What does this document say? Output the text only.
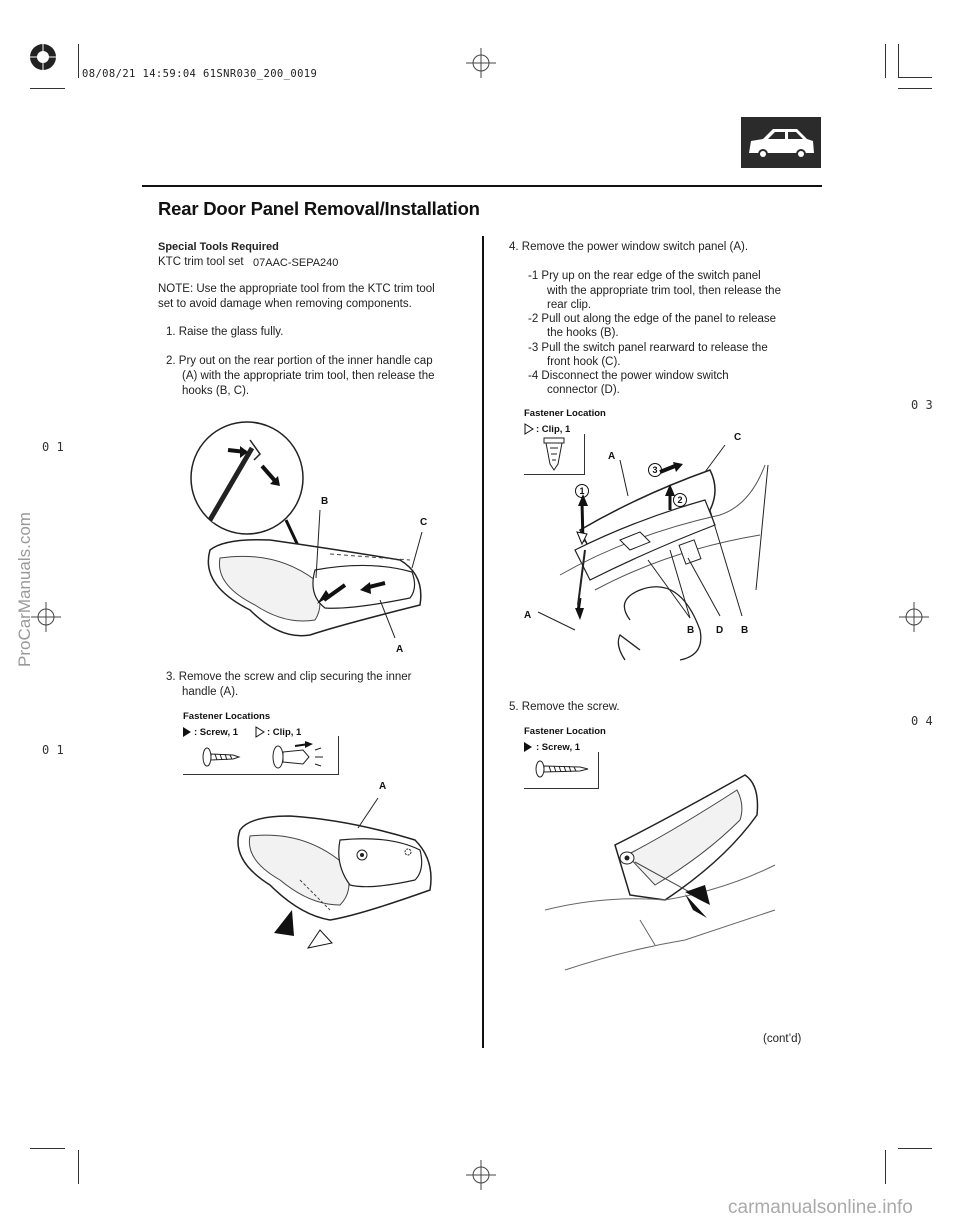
08/08/21 14:59:04 61SNR030_200_0019
ProCarManuals.com
carmanualsonline.info
0 3
0 4
0 1
0 1
Rear Door Panel Removal/Installation
Special Tools Required
KTC trim tool set 07AAC-SEPA240
NOTE: Use the appropriate tool from the KTC trim tool
set to avoid damage when removing components.
1. Raise the glass fully.
2. Pry out on the rear portion of the inner handle cap
(A) with the appropriate trim tool, then release the
hooks (B, C).
B
C
A
3. Remove the screw and clip securing the inner
handle (A).
Fastener Locations
: Screw, 1	: Clip, 1
A
4. Remove the power window switch panel (A).
-1 Pry up on the rear edge of the switch panel
with the appropriate trim tool, then release the
rear clip.
-2 Pull out along the edge of the panel to release
the hooks (B).
-3 Pull the switch panel rearward to release the
front hook (C).
-4 Disconnect the power window switch
connector (D).
Fastener Location
: Clip, 1
C
A
A
B D B
1
2
3
5. Remove the screw.
Fastener Location
: Screw, 1
(cont’d)
